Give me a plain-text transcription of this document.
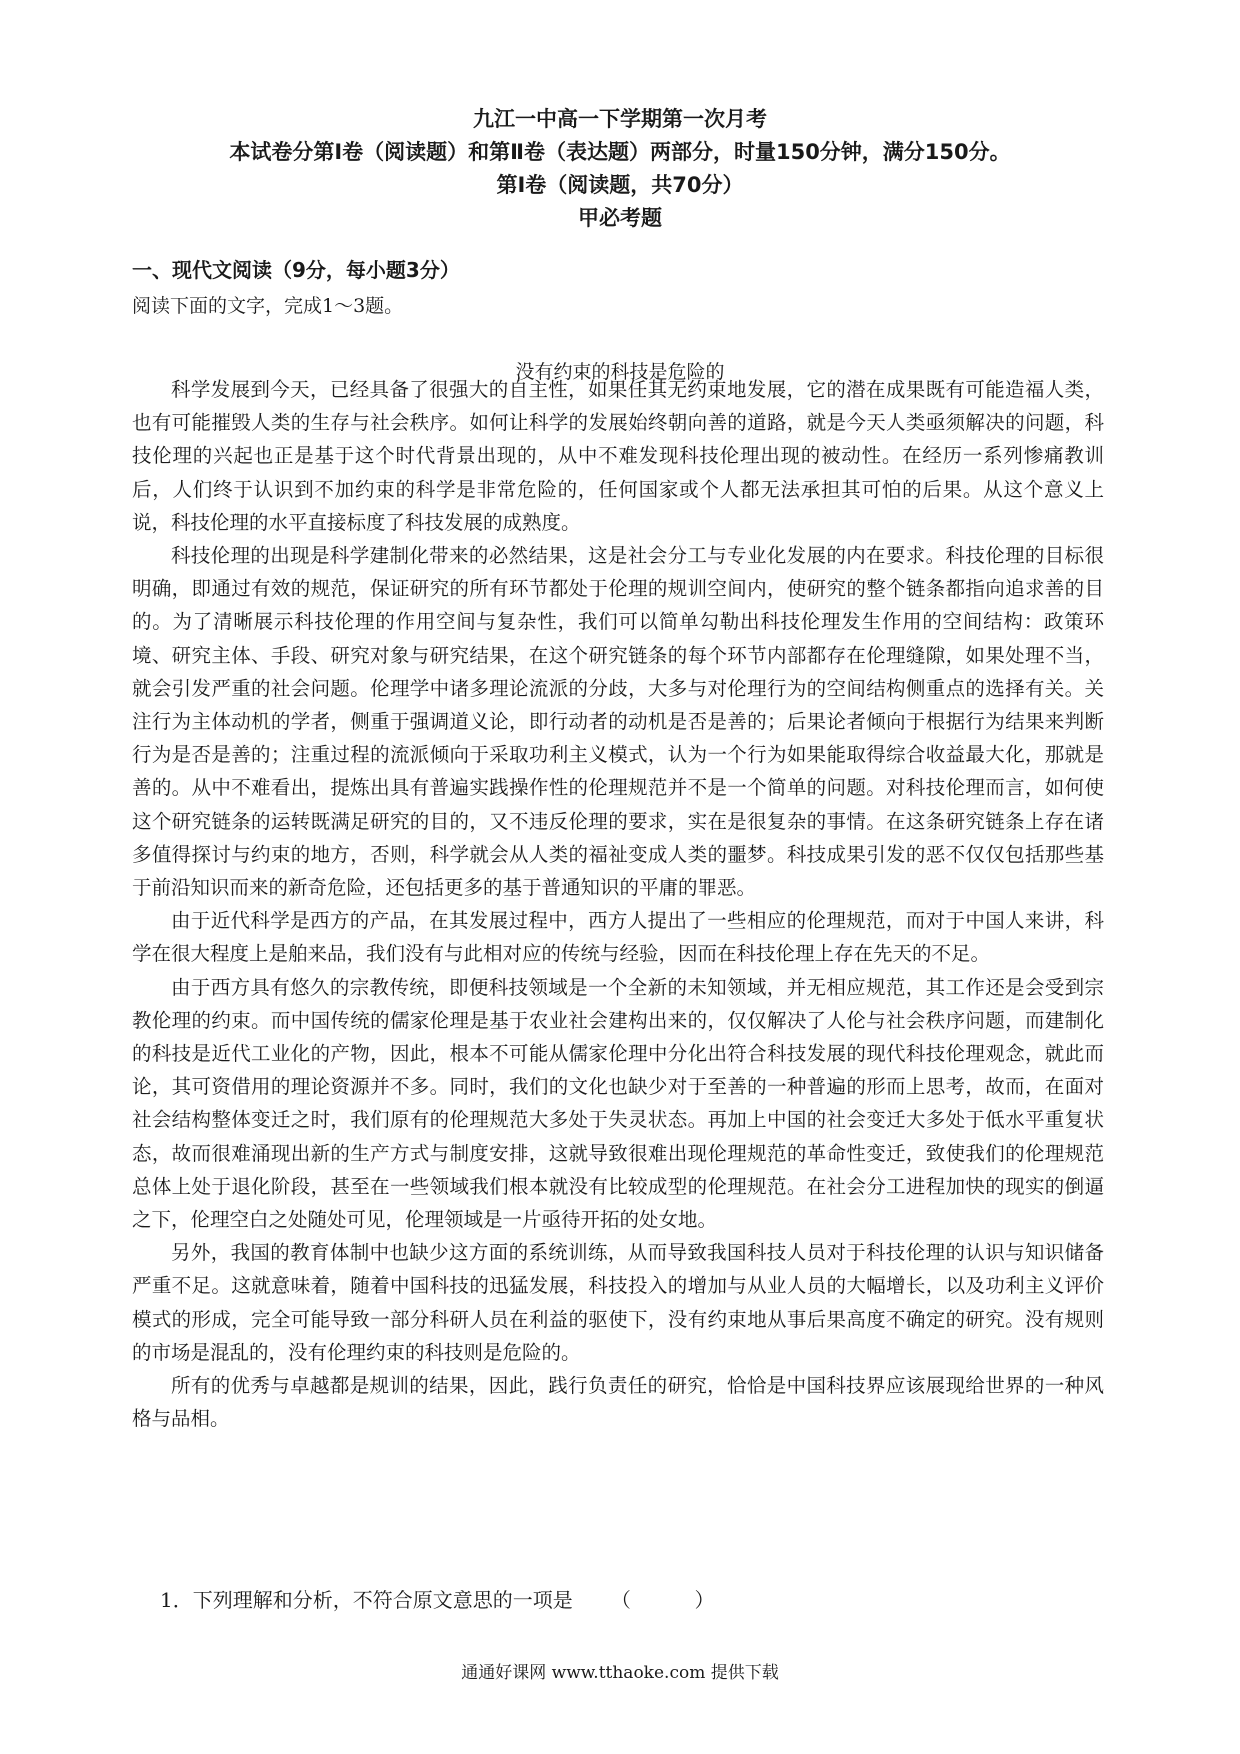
九江一中高一下学期第一次月考
本试卷分第Ⅰ卷（阅读题）和第Ⅱ卷（表达题）两部分，时量150分钟，满分150分。
第Ⅰ卷（阅读题，共70分）
甲必考题
一、现代文阅读（9分，每小题3分）
阅读下面的文字，完成1～3题。
没有约束的科技是危险的

科学发展到今天，已经具备了很强大的自主性，如果任其无约束地发展，它的潜在成果既有可能造福人类，也有可能摧毁人类的生存与社会秩序。如何让科学的发展始终朝向善的道路，就是今天人类亟须解决的问题，科技伦理的兴起也正是基于这个时代背景出现的，从中不难发现科技伦理出现的被动性。在经历一系列惨痛教训后，人们终于认识到不加约束的科学是非常危险的，任何国家或个人都无法承担其可怕的后果。从这个意义上说，科技伦理的水平直接标度了科技发展的成熟度。

科技伦理的出现是科学建制化带来的必然结果，这是社会分工与专业化发展的内在要求。科技伦理的目标很明确，即通过有效的规范，保证研究的所有环节都处于伦理的规训空间内，使研究的整个链条都指向追求善的目的。为了清晰展示科技伦理的作用空间与复杂性，我们可以简单勾勒出科技伦理发生作用的空间结构：政策环境、研究主体、手段、研究对象与研究结果，在这个研究链条的每个环节内部都存在伦理缝隙，如果处理不当，就会引发严重的社会问题。伦理学中诸多理论流派的分歧，大多与对伦理行为的空间结构侧重点的选择有关。关注行为主体动机的学者，侧重于强调道义论，即行动者的动机是否是善的；后果论者倾向于根据行为结果来判断行为是否是善的；注重过程的流派倾向于采取功利主义模式，认为一个行为如果能取得综合收益最大化，那就是善的。从中不难看出，提炼出具有普遍实践操作性的伦理规范并不是一个简单的问题。对科技伦理而言，如何使这个研究链条的运转既满足研究的目的，又不违反伦理的要求，实在是很复杂的事情。在这条研究链条上存在诸多值得探讨与约束的地方，否则，科学就会从人类的福祉变成人类的噩梦。科技成果引发的恶不仅仅包括那些基于前沿知识而来的新奇危险，还包括更多的基于普通知识的平庸的罪恶。

由于近代科学是西方的产品，在其发展过程中，西方人提出了一些相应的伦理规范，而对于中国人来讲，科学在很大程度上是舶来品，我们没有与此相对应的传统与经验，因而在科技伦理上存在先天的不足。

由于西方具有悠久的宗教传统，即便科技领域是一个全新的未知领域，并无相应规范，其工作还是会受到宗教伦理的约束。而中国传统的儒家伦理是基于农业社会建构出来的，仅仅解决了人伦与社会秩序问题，而建制化的科技是近代工业化的产物，因此，根本不可能从儒家伦理中分化出符合科技发展的现代科技伦理观念，就此而论，其可资借用的理论资源并不多。同时，我们的文化也缺少对于至善的一种普遍的形而上思考，故而，在面对社会结构整体变迁之时，我们原有的伦理规范大多处于失灵状态。再加上中国的社会变迁大多处于低水平重复状态，故而很难涌现出新的生产方式与制度安排，这就导致很难出现伦理规范的革命性变迁，致使我们的伦理规范总体上处于退化阶段，甚至在一些领域我们根本就没有比较成型的伦理规范。在社会分工进程加快的现实的倒逼之下，伦理空白之处随处可见，伦理领域是一片亟待开拓的处女地。

另外，我国的教育体制中也缺少这方面的系统训练，从而导致我国科技人员对于科技伦理的认识与知识储备严重不足。这就意味着，随着中国科技的迅猛发展，科技投入的增加与从业人员的大幅增长，以及功利主义评价模式的形成，完全可能导致一部分科研人员在利益的驱使下，没有约束地从事后果高度不确定的研究。没有规则的市场是混乱的，没有伦理约束的科技则是危险的。

所有的优秀与卓越都是规训的结果，因此，践行负责任的研究，恰恰是中国科技界应该展现给世界的一种风格与品相。

1．下列理解和分析，不符合原文意思的一项是 （          ）
通通好课网 www.tthaoke.com 提供下载
